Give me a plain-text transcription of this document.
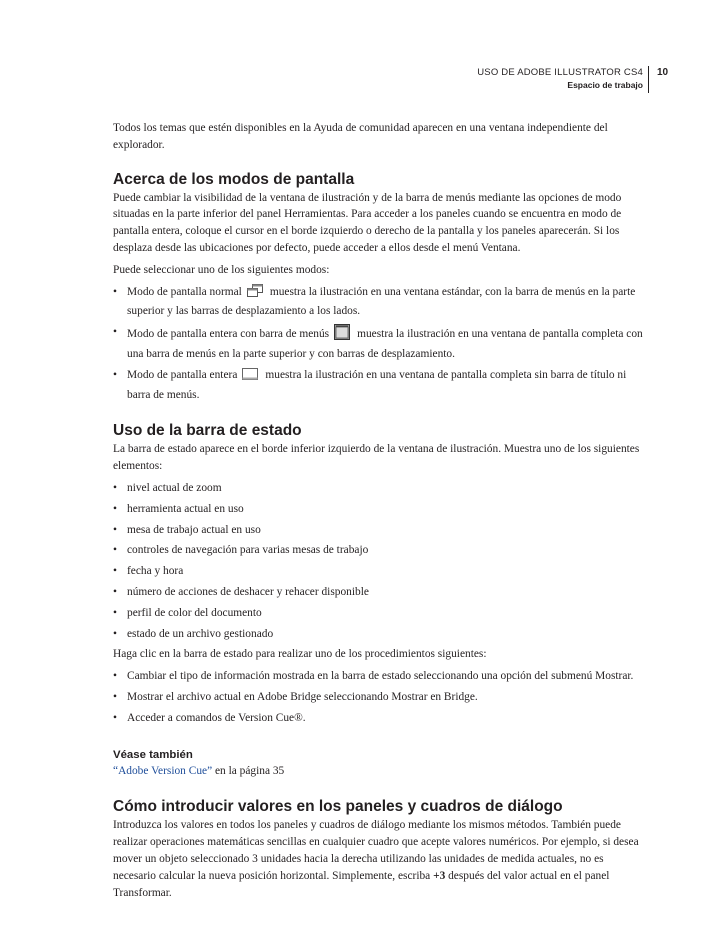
USO DE ADOBE ILLUSTRATOR CS4
Espacio de trabajo
10

Todos los temas que estén disponibles en la Ayuda de comunidad aparecen en una ventana independiente del explorador.

Acerca de los modos de pantalla

Puede cambiar la visibilidad de la ventana de ilustración y de la barra de menús mediante las opciones de modo situadas en la parte inferior del panel Herramientas. Para acceder a los paneles cuando se encuentra en modo de pantalla entera, coloque el cursor en el borde izquierdo o derecho de la pantalla y los paneles aparecerán. Si los desplaza desde las ubicaciones por defecto, puede acceder a ellos desde el menú Ventana.

Puede seleccionar uno de los siguientes modos:

• Modo de pantalla normal muestra la ilustración en una ventana estándar, con la barra de menús en la parte superior y las barras de desplazamiento a los lados.
• Modo de pantalla entera con barra de menús muestra la ilustración en una ventana de pantalla completa con una barra de menús en la parte superior y con barras de desplazamiento.
• Modo de pantalla entera muestra la ilustración en una ventana de pantalla completa sin barra de título ni barra de menús.
Uso de la barra de estado

La barra de estado aparece en el borde inferior izquierdo de la ventana de ilustración. Muestra uno de los siguientes elementos:

• nivel actual de zoom
• herramienta actual en uso
• mesa de trabajo actual en uso
• controles de navegación para varias mesas de trabajo
• fecha y hora
• número de acciones de deshacer y rehacer disponible
• perfil de color del documento
• estado de un archivo gestionado

Haga clic en la barra de estado para realizar uno de los procedimientos siguientes:

• Cambiar el tipo de información mostrada en la barra de estado seleccionando una opción del submenú Mostrar.
• Mostrar el archivo actual en Adobe Bridge seleccionando Mostrar en Bridge.
• Acceder a comandos de Version Cue®.
Véase también
“Adobe Version Cue” en la página 35
Cómo introducir valores en los paneles y cuadros de diálogo

Introduzca los valores en todos los paneles y cuadros de diálogo mediante los mismos métodos. También puede realizar operaciones matemáticas sencillas en cualquier cuadro que acepte valores numéricos. Por ejemplo, si desea mover un objeto seleccionado 3 unidades hacia la derecha utilizando las unidades de medida actuales, no es necesario calcular la nueva posición horizontal. Simplemente, escriba +3 después del valor actual en el panel Transformar.
